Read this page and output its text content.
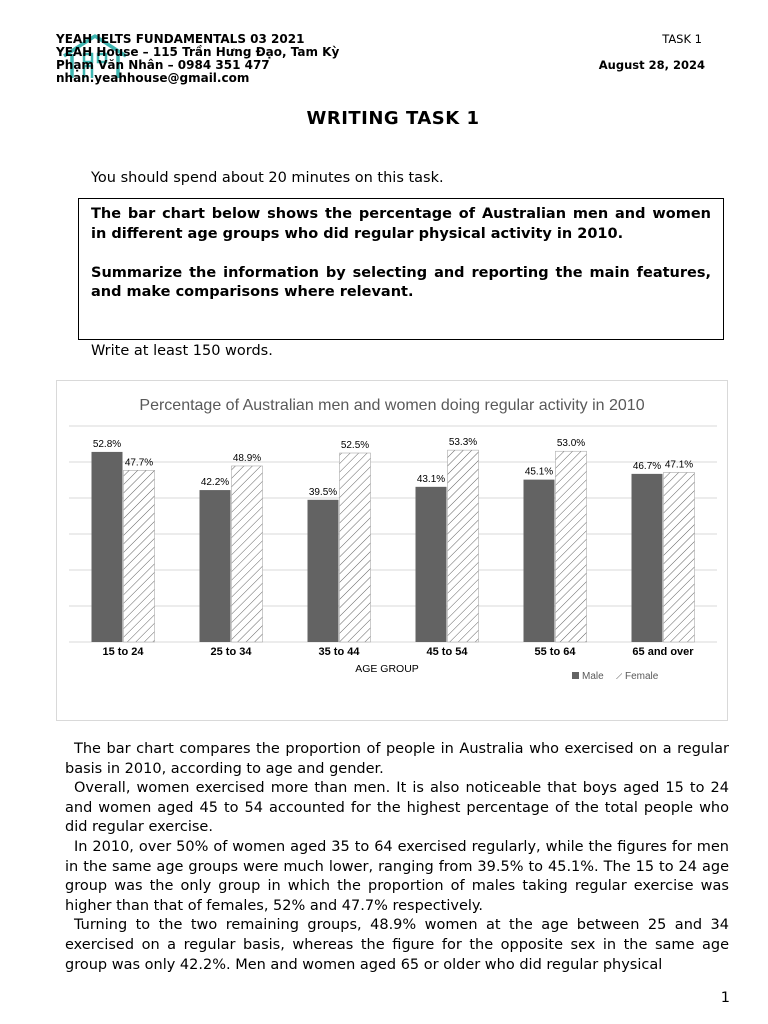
YEAH IELTS FUNDAMENTALS 03 2021
YEAH House – 115 Trần Hưng Đạo, Tam Kỳ
Phạm Văn Nhân – 0984 351 477
nhan.yeahhouse@gmail.com
TASK 1
August 28, 2024
WRITING TASK 1
You should spend about 20 minutes on this task.

The bar chart below shows the percentage of Australian men and women in different age groups who did regular physical activity in 2010.

Summarize the information by selecting and reporting the main features, and make comparisons where relevant.

Write at least 150 words.
Percentage of Australian men and women doing regular activity in 2010
52.8%
47.7%
42.2%
48.9%
39.5%
52.5%
43.1%
53.3%
45.1%
53.0%
46.7% 47.1%
15 to 24	25 to 34	35 to 44	45 to 54	55 to 64	65 and over
AGE GROUP
Male Female

The bar chart compares the proportion of people in Australia who exercised on a regular basis in 2010, according to age and gender.

Overall, women exercised more than men. It is also noticeable that boys aged 15 to 24 and women aged 45 to 54 accounted for the highest percentage of the total people who did regular exercise.

In 2010, over 50% of women aged 35 to 64 exercised regularly, while the figures for men in the same age groups were much lower, ranging from 39.5% to 45.1%. The 15 to 24 age group was the only group in which the proportion of males taking regular exercise was higher than that of females, 52% and 47.7% respectively.

Turning to the two remaining groups, 48.9% women at the age between 25 and 34 exercised on a regular basis, whereas the figure for the opposite sex in the same age group was only 42.2%. Men and women aged 65 or older who did regular physical

1
